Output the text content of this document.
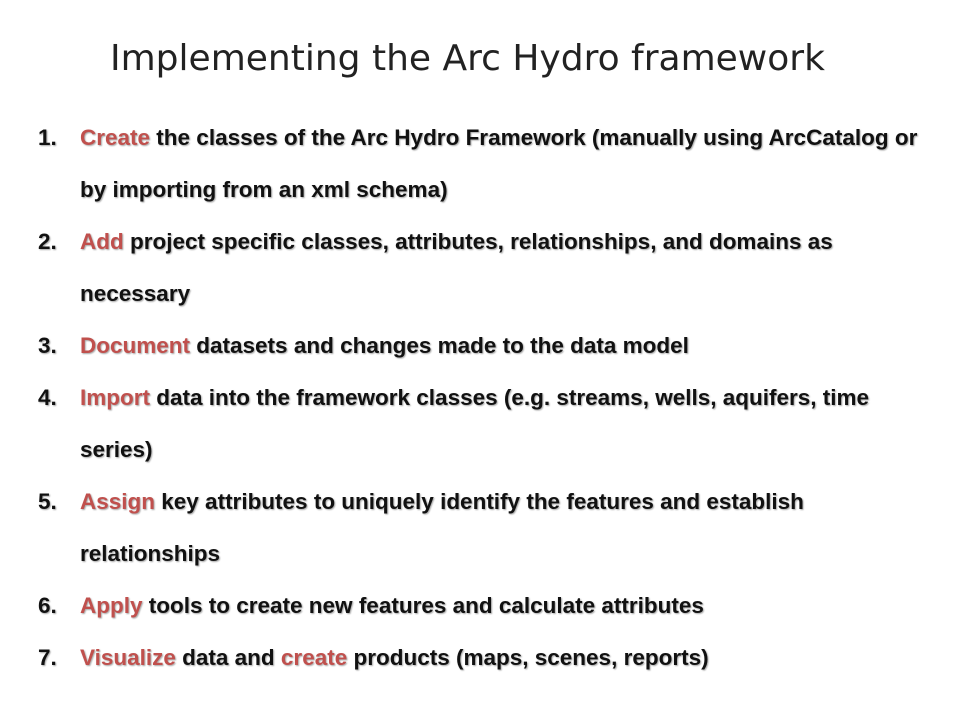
Implementing the Arc Hydro framework
1.	Create the classes of the Arc Hydro Framework (manually using ArcCatalog or by importing from an xml schema)
2.	Add project specific classes, attributes, relationships, and domains as necessary
3.	Document datasets and changes made to the data model
4.	Import data into the framework classes (e.g. streams, wells, aquifers, time series)
5.	Assign key attributes to uniquely identify the features and establish relationships
6.	Apply tools to create new features and calculate attributes
7.	Visualize data and create products (maps, scenes, reports)
